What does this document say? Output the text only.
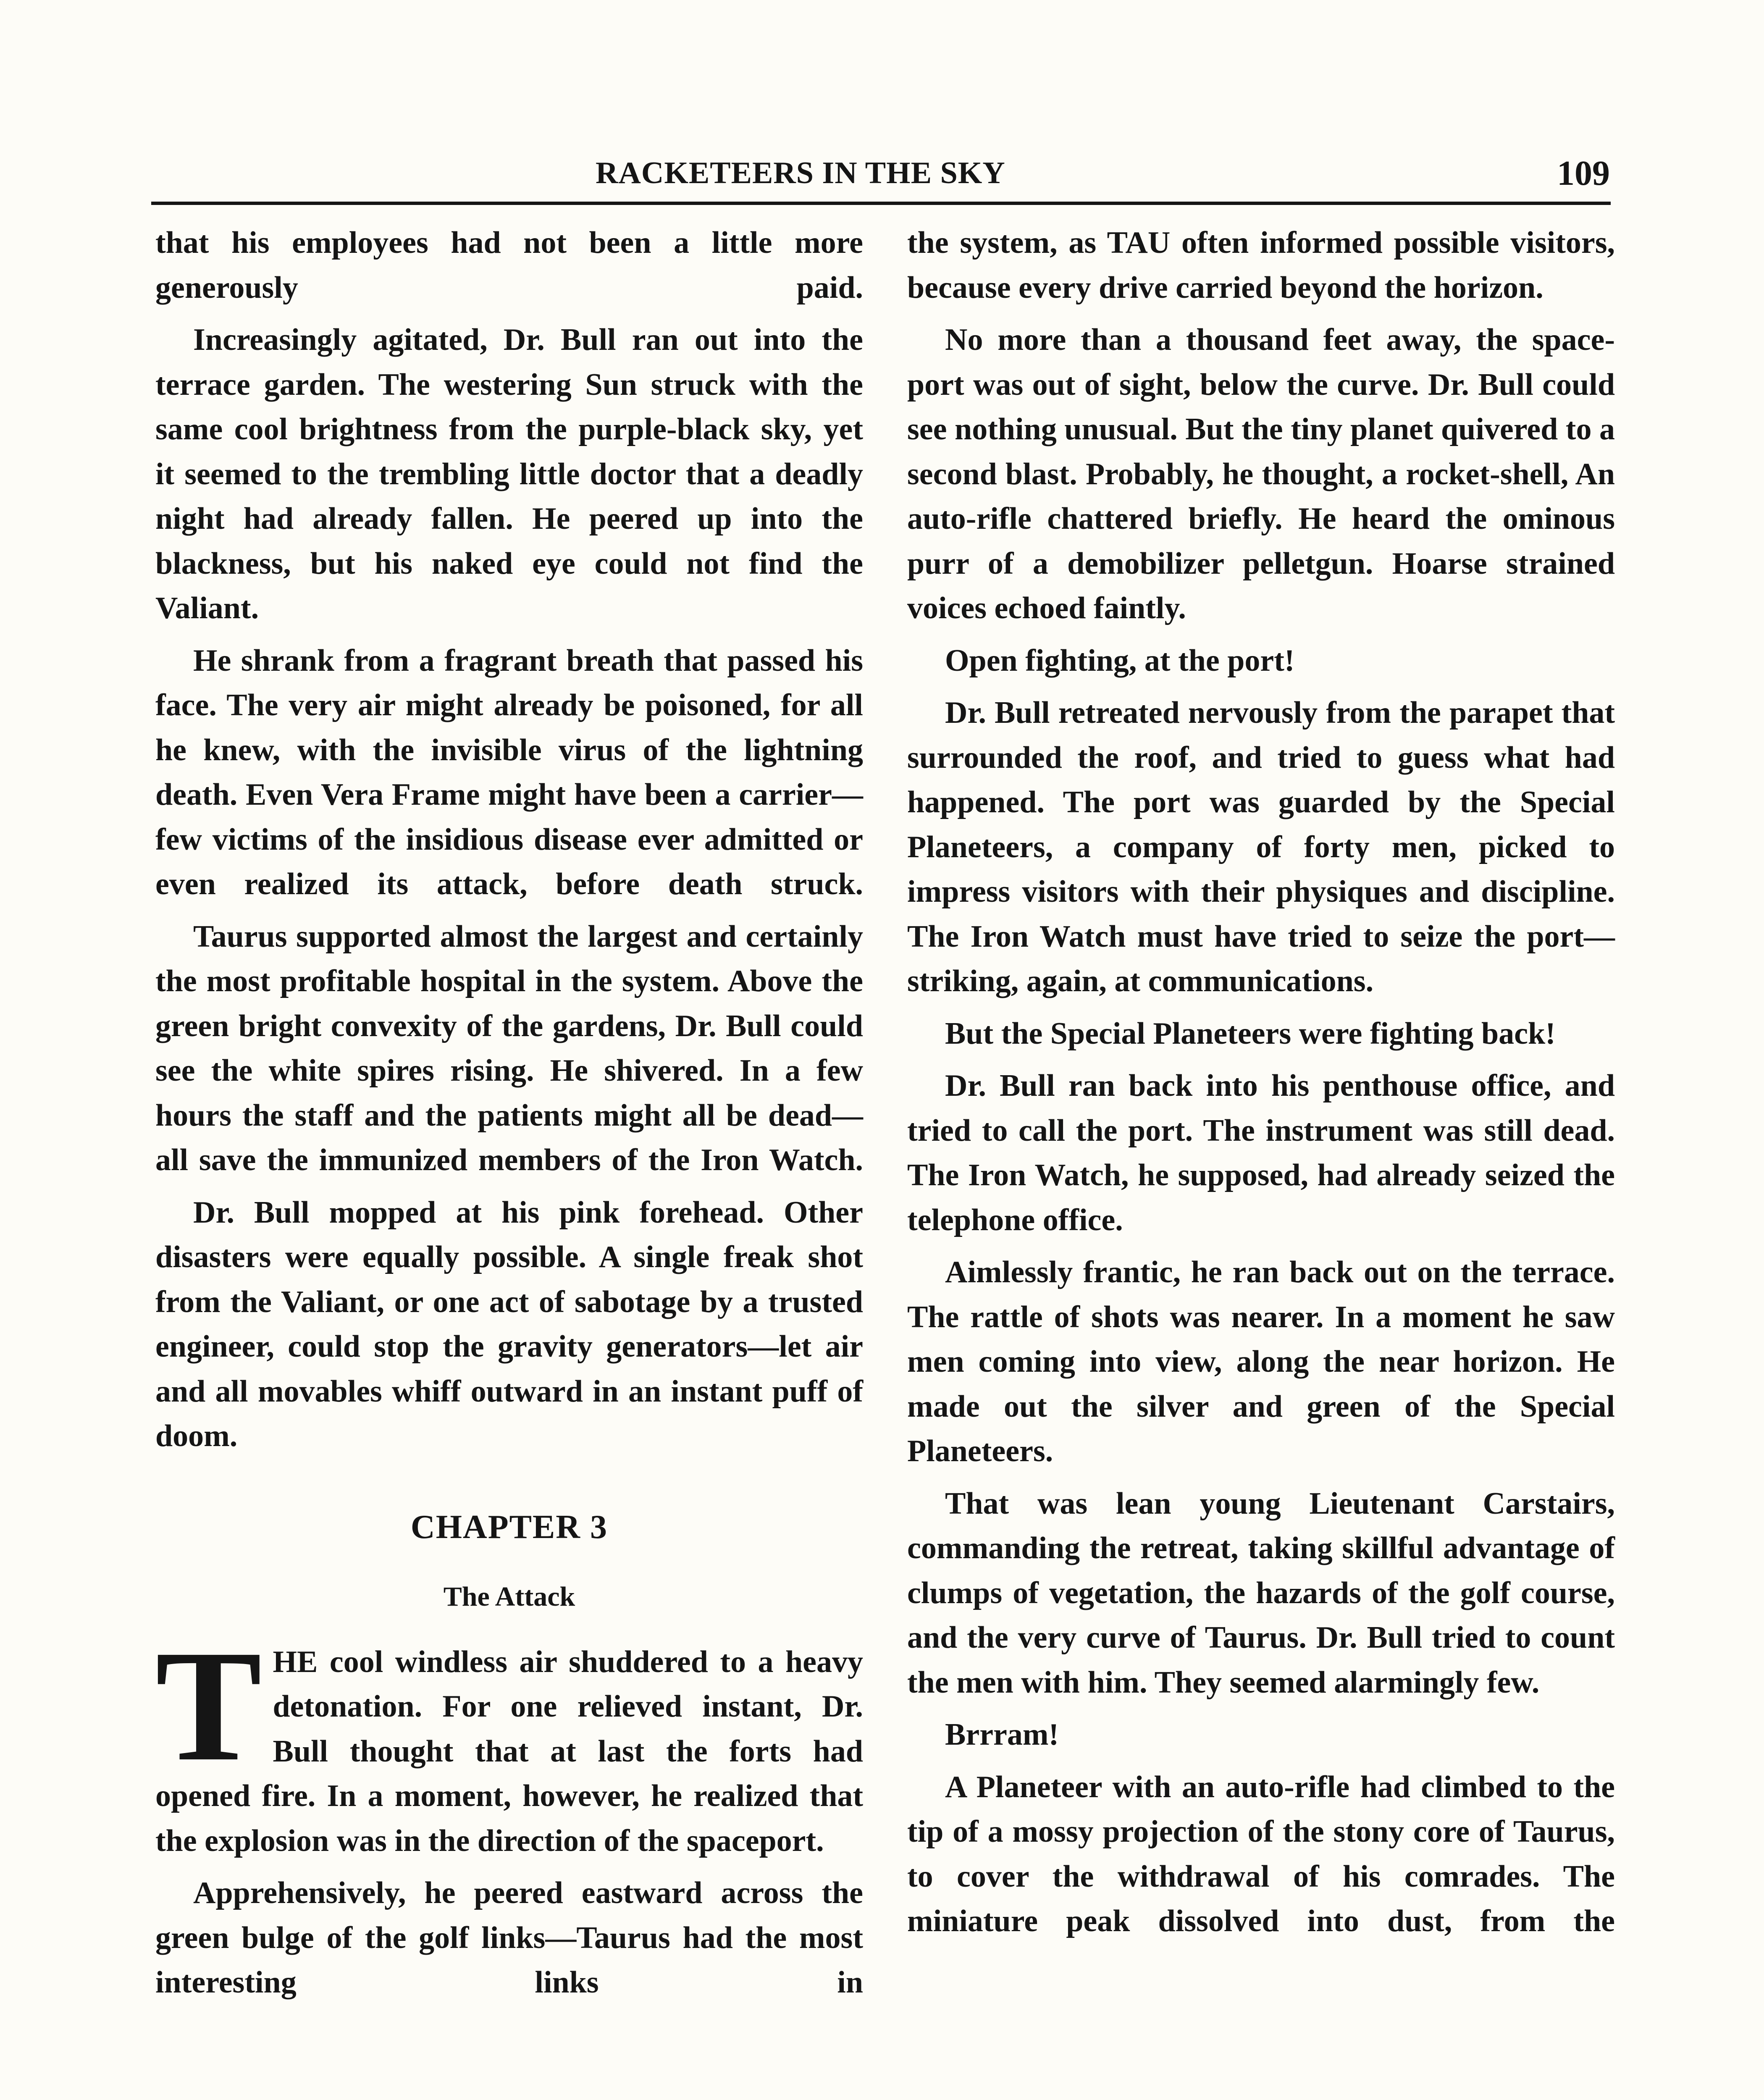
RACKETEERS IN THE SKY	109

that his employees had not been a little more generously paid.

Increasingly agitated, Dr. Bull ran out into the terrace garden. The westering Sun struck with the same cool brightness from the purple-black sky, yet it seemed to the trembling little doctor that a deadly night had already fallen. He peered up into the blackness, but his naked eye could not find the Valiant.

He shrank from a fragrant breath that passed his face. The very air might already be poisoned, for all he knew, with the invisible virus of the lightning death. Even Vera Frame might have been a carrier—few victims of the insidious disease ever admitted or even realized its attack, before death struck.

Taurus supported almost the largest and certainly the most profitable hospital in the system. Above the green bright convexity of the gardens, Dr. Bull could see the white spires rising. He shivered. In a few hours the staff and the patients might all be dead—all save the immunized members of the Iron Watch.

Dr. Bull mopped at his pink forehead. Other disasters were equally possible. A single freak shot from the Valiant, or one act of sabotage by a trusted engineer, could stop the gravity generators—let air and all movables whiff outward in an instant puff of doom.

CHAPTER 3
The Attack

THE cool windless air shuddered to a heavy detonation. For one relieved instant, Dr. Bull thought that at last the forts had opened fire. In a moment, however, he realized that the explosion was in the direction of the spaceport.

Apprehensively, he peered eastward across the green bulge of the golf links—Taurus had the most interesting links in

the system, as TAU often informed possible visitors, because every drive carried beyond the horizon.

No more than a thousand feet away, the space-port was out of sight, below the curve. Dr. Bull could see nothing unusual. But the tiny planet quivered to a second blast. Probably, he thought, a rocket-shell, An auto-rifle chattered briefly. He heard the ominous purr of a demobilizer pelletgun. Hoarse strained voices echoed faintly.

Open fighting, at the port!

Dr. Bull retreated nervously from the parapet that surrounded the roof, and tried to guess what had happened. The port was guarded by the Special Planeteers, a company of forty men, picked to impress visitors with their physiques and discipline. The Iron Watch must have tried to seize the port—striking, again, at communications.

But the Special Planeteers were fighting back!

Dr. Bull ran back into his penthouse office, and tried to call the port. The instrument was still dead. The Iron Watch, he supposed, had already seized the telephone office.

Aimlessly frantic, he ran back out on the terrace. The rattle of shots was nearer. In a moment he saw men coming into view, along the near horizon. He made out the silver and green of the Special Planeteers.

That was lean young Lieutenant Carstairs, commanding the retreat, taking skillful advantage of clumps of vegetation, the hazards of the golf course, and the very curve of Taurus. Dr. Bull tried to count the men with him. They seemed alarmingly few.

Brrram!

A Planeteer with an auto-rifle had climbed to the tip of a mossy projection of the stony core of Taurus, to cover the withdrawal of his comrades. The miniature peak dissolved into dust, from the
